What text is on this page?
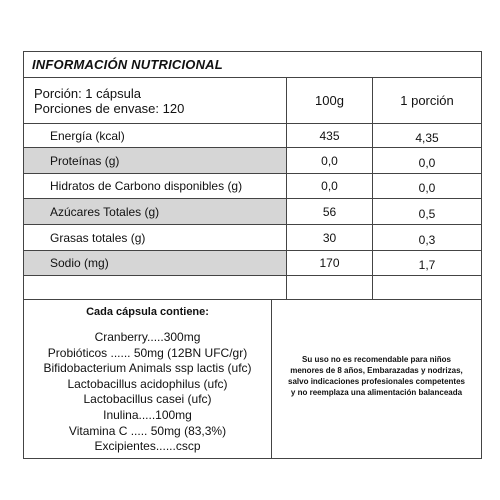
INFORMACIÓN NUTRICIONAL
Porción: 1 cápsula
Porciones de envase: 120	100g	1 porción
Energía (kcal)	435	4,35
Proteínas (g)	0,0	0,0
Hidratos de Carbono disponibles (g)	0,0	0,0
Azúcares Totales (g)	56	0,5
Grasas totales (g)	30	0,3
Sodio (mg)	170	1,7
Cada cápsula contiene:
Cranberry.....300mg
Probióticos ...... 50mg (12BN UFC/gr)
Bifidobacterium Animals ssp lactis (ufc)
Lactobacillus acidophilus (ufc)
Lactobacillus casei (ufc)
Inulina.....100mg
Vitamina C ..... 50mg (83,3%)
Excipientes......cscp
Su uso no es recomendable para niños menores de 8 años, Embarazadas y nodrizas, salvo indicaciones profesionales competentes y no reemplaza una alimentación balanceada
